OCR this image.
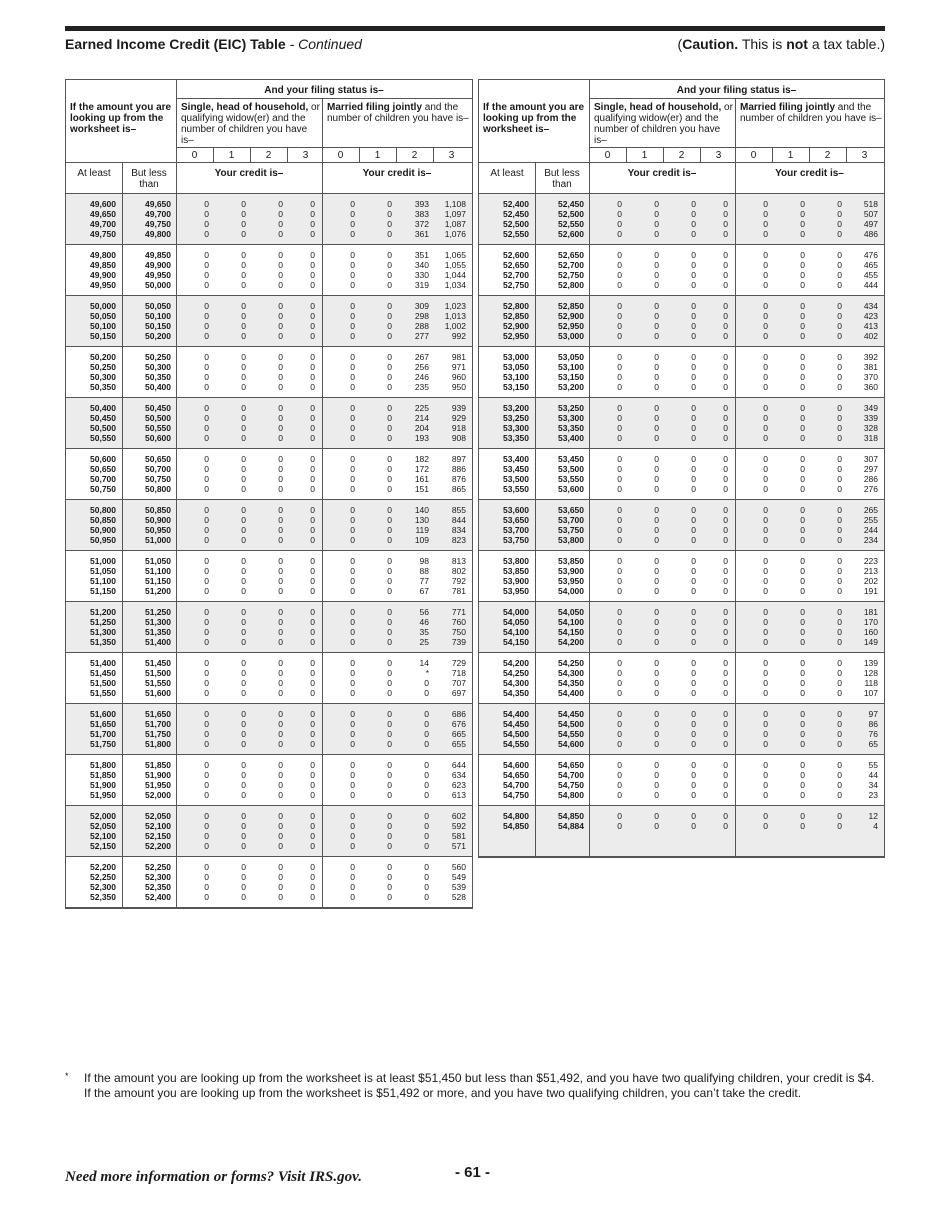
Earned Income Credit (EIC) Table - Continued	(Caution. This is not a tax table.)
And your filing status is–
If the amount you are looking up from the worksheet is–
Single, head of household, or qualifying widow(er) and the number of children you have is–
Married filing jointly and the number of children you have is–
0	1	2	3	0	1	2	3
At least	But less than
Your credit is–	Your credit is–
49,600	49,650	0	0	0	0	0	0	393 1,108
49,650	49,700	0	0	0	0	0	0	383 1,097
49,700	49,750	0	0	0	0	0	0	372 1,087
49,750	49,800	0	0	0	0	0	0	361 1,076
49,800	49,850	0	0	0	0	0	0	351 1,065
49,850	49,900	0	0	0	0	0	0	340 1,055
49,900	49,950	0	0	0	0	0	0	330 1,044
49,950	50,000	0	0	0	0	0	0	319 1,034
50,000	50,050	0	0	0	0	0	0	309 1,023
50,050	50,100	0	0	0	0	0	0	298 1,013
50,100	50,150	0	0	0	0	0	0	288 1,002
50,150	50,200	0	0	0	0	0	0	277	992
50,200	50,250	0	0	0	0	0	0	267	981
50,250	50,300	0	0	0	0	0	0	256	971
50,300	50,350	0	0	0	0	0	0	246	960
50,350	50,400	0	0	0	0	0	0	235	950
50,400	50,450	0	0	0	0	0	0	225	939
50,450	50,500	0	0	0	0	0	0	214	929
50,500	50,550	0	0	0	0	0	0	204	918
50,550	50,600	0	0	0	0	0	0	193	908
50,600	50,650	0	0	0	0	0	0	182	897
50,650	50,700	0	0	0	0	0	0	172	886
50,700	50,750	0	0	0	0	0	0	161	876
50,750	50,800	0	0	0	0	0	0	151	865
50,800	50,850	0	0	0	0	0	0	140	855
50,850	50,900	0	0	0	0	0	0	130	844
50,900	50,950	0	0	0	0	0	0	119	834
50,950	51,000	0	0	0	0	0	0	109	823
51,000	51,050	0	0	0	0	0	0	98	813
51,050	51,100	0	0	0	0	0	0	88	802
51,100	51,150	0	0	0	0	0	0	77	792
51,150	51,200	0	0	0	0	0	0	67	781
51,200	51,250	0	0	0	0	0	0	56	771
51,250	51,300	0	0	0	0	0	0	46	760
51,300	51,350	0	0	0	0	0	0	35	750
51,350	51,400	0	0	0	0	0	0	25	739
51,400	51,450	0	0	0	0	0	0	14	729
51,450	51,500	0	0	0	0	0	0	*	718
51,500	51,550	0	0	0	0	0	0	0	707
51,550	51,600	0	0	0	0	0	0	0	697
51,600	51,650	0	0	0	0	0	0	0	686
51,650	51,700	0	0	0	0	0	0	0	676
51,700	51,750	0	0	0	0	0	0	0	665
51,750	51,800	0	0	0	0	0	0	0	655
51,800	51,850	0	0	0	0	0	0	0	644
51,850	51,900	0	0	0	0	0	0	0	634
51,900	51,950	0	0	0	0	0	0	0	623
51,950	52,000	0	0	0	0	0	0	0	613
52,000	52,050	0	0	0	0	0	0	0	602
52,050	52,100	0	0	0	0	0	0	0	592
52,100	52,150	0	0	0	0	0	0	0	581
52,150	52,200	0	0	0	0	0	0	0	571
52,200	52,250	0	0	0	0	0	0	0	560
52,250	52,300	0	0	0	0	0	0	0	549
52,300	52,350	0	0	0	0	0	0	0	539
52,350	52,400	0	0	0	0	0	0	0	528
And your filing status is–
If the amount you are looking up from the worksheet is–
Single, head of household, or qualifying widow(er) and the number of children you have is–
Married filing jointly and the number of children you have is–
0	1	2	3	0	1	2	3
At least	But less than
Your credit is–	Your credit is–
52,400	52,450	0	0	0	0	0	0	0	518
52,450	52,500	0	0	0	0	0	0	0	507
52,500	52,550	0	0	0	0	0	0	0	497
52,550	52,600	0	0	0	0	0	0	0	486
52,600	52,650	0	0	0	0	0	0	0	476
52,650	52,700	0	0	0	0	0	0	0	465
52,700	52,750	0	0	0	0	0	0	0	455
52,750	52,800	0	0	0	0	0	0	0	444
52,800	52,850	0	0	0	0	0	0	0	434
52,850	52,900	0	0	0	0	0	0	0	423
52,900	52,950	0	0	0	0	0	0	0	413
52,950	53,000	0	0	0	0	0	0	0	402
53,000	53,050	0	0	0	0	0	0	0	392
53,050	53,100	0	0	0	0	0	0	0	381
53,100	53,150	0	0	0	0	0	0	0	370
53,150	53,200	0	0	0	0	0	0	0	360
53,200	53,250	0	0	0	0	0	0	0	349
53,250	53,300	0	0	0	0	0	0	0	339
53,300	53,350	0	0	0	0	0	0	0	328
53,350	53,400	0	0	0	0	0	0	0	318
53,400	53,450	0	0	0	0	0	0	0	307
53,450	53,500	0	0	0	0	0	0	0	297
53,500	53,550	0	0	0	0	0	0	0	286
53,550	53,600	0	0	0	0	0	0	0	276
53,600	53,650	0	0	0	0	0	0	0	265
53,650	53,700	0	0	0	0	0	0	0	255
53,700	53,750	0	0	0	0	0	0	0	244
53,750	53,800	0	0	0	0	0	0	0	234
53,800	53,850	0	0	0	0	0	0	0	223
53,850	53,900	0	0	0	0	0	0	0	213
53,900	53,950	0	0	0	0	0	0	0	202
53,950	54,000	0	0	0	0	0	0	0	191
54,000	54,050	0	0	0	0	0	0	0	181
54,050	54,100	0	0	0	0	0	0	0	170
54,100	54,150	0	0	0	0	0	0	0	160
54,150	54,200	0	0	0	0	0	0	0	149
54,200	54,250	0	0	0	0	0	0	0	139
54,250	54,300	0	0	0	0	0	0	0	128
54,300	54,350	0	0	0	0	0	0	0	118
54,350	54,400	0	0	0	0	0	0	0	107
54,400	54,450	0	0	0	0	0	0	0	97
54,450	54,500	0	0	0	0	0	0	0	86
54,500	54,550	0	0	0	0	0	0	0	76
54,550	54,600	0	0	0	0	0	0	0	65
54,600	54,650	0	0	0	0	0	0	0	55
54,650	54,700	0	0	0	0	0	0	0	44
54,700	54,750	0	0	0	0	0	0	0	34
54,750	54,800	0	0	0	0	0	0	0	23
54,800	54,850	0	0	0	0	0	0	0	12
54,850	54,884	0	0	0	0	0	0	0	4
* If the amount you are looking up from the worksheet is at least $51,450 but less than $51,492, and you have two qualifying children, your credit is $4.
If the amount you are looking up from the worksheet is $51,492 or more, and you have two qualifying children, you can’t take the credit.
Need more information or forms? Visit IRS.gov.	- 61 -
